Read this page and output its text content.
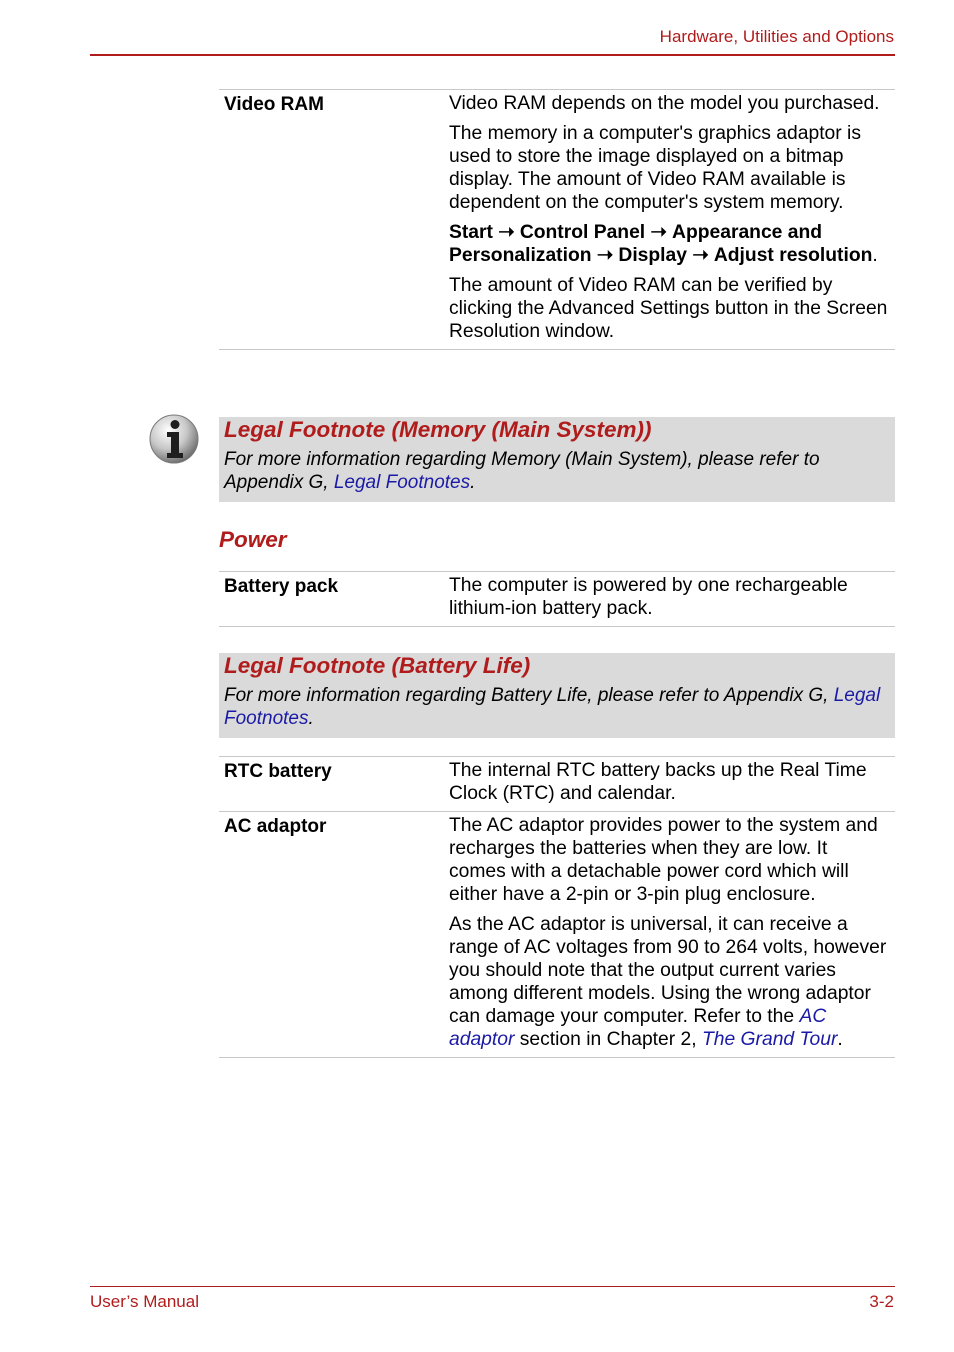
Hardware, Utilities and Options
Video RAM	Video RAM depends on the model you purchased.

The memory in a computer's graphics adaptor is used to store the image displayed on a bitmap display. The amount of Video RAM available is dependent on the computer's system memory.

Start ➝ Control Panel ➝ Appearance and Personalization ➝ Display ➝ Adjust resolution.

The amount of Video RAM can be verified by clicking the Advanced Settings button in the Screen Resolution window.

Legal Footnote (Memory (Main System))
For more information regarding Memory (Main System), please refer to Appendix G, Legal Footnotes.
Power
Battery pack	The computer is powered by one rechargeable lithium-ion battery pack.
Legal Footnote (Battery Life)
For more information regarding Battery Life, please refer to Appendix G, Legal Footnotes.
RTC battery	The internal RTC battery backs up the Real Time Clock (RTC) and calendar.
AC adaptor	The AC adaptor provides power to the system and recharges the batteries when they are low. It comes with a detachable power cord which will either have a 2-pin or 3-pin plug enclosure.

As the AC adaptor is universal, it can receive a range of AC voltages from 90 to 264 volts, however you should note that the output current varies among different models. Using the wrong adaptor can damage your computer. Refer to the AC adaptor section in Chapter 2, The Grand Tour.

User’s Manual	3-2
